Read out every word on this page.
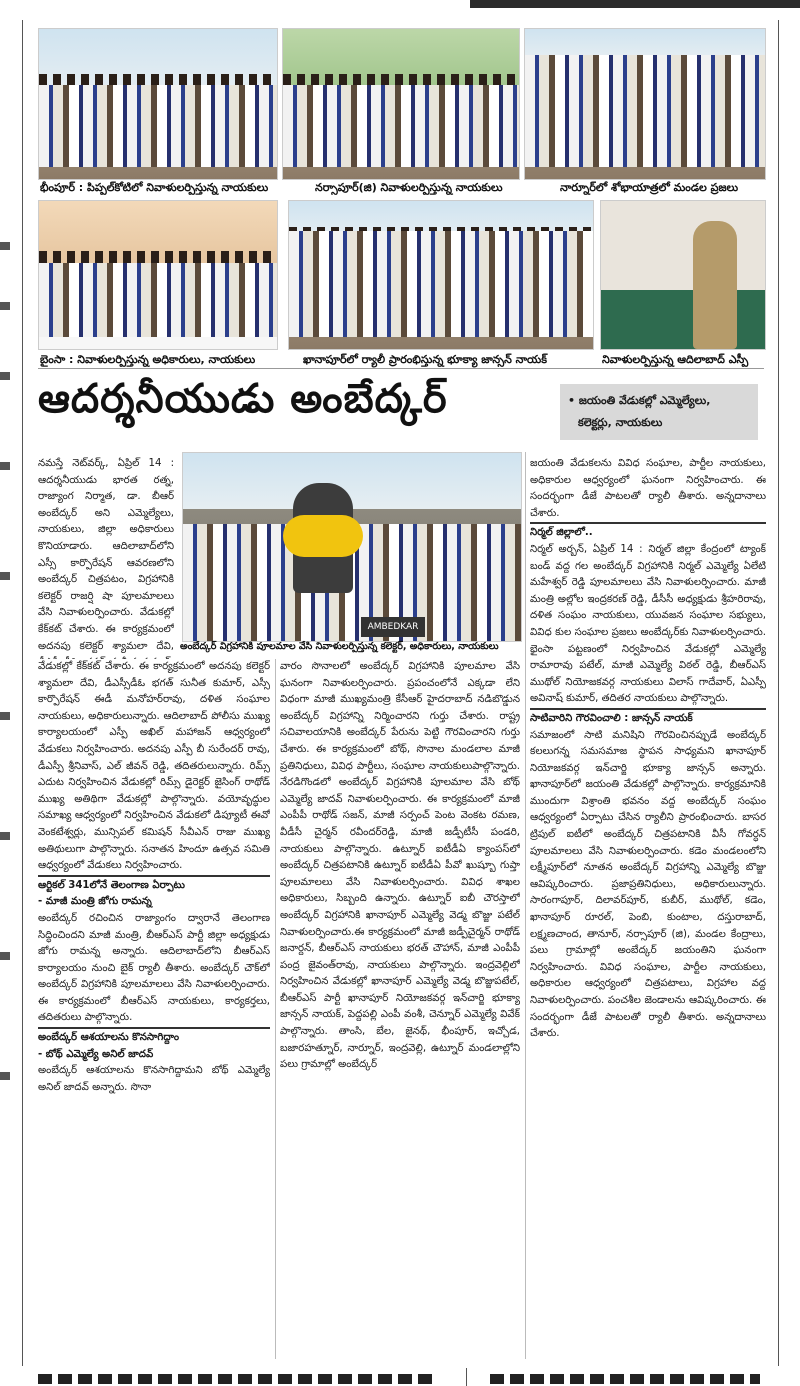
భీంపూర్ : పిప్పల్‌కోటిలో నివాళులర్పిస్తున్న నాయకులు	నర్సాపూర్(జి) నివాళులర్పిస్తున్న నాయకులు	నార్నూర్‌లో శోభాయాత్రలో మండల ప్రజలు
బైంసా : నివాళులర్పిస్తున్న అధికారులు, నాయకులు	ఖానాపూర్‌లో ర్యాలీ ప్రారంభిస్తున్న భూక్యా జాన్సన్ నాయక్	నివాళులర్పిస్తున్న ఆదిలాబాద్ ఎస్పీ
ఆదర్శనీయుడు అంబేద్కర్	• జయంతి వేడుకల్లో ఎమ్మెల్యేలు,
కలెక్టర్లు, నాయకులు
AMBEDKAR
అంబేద్కర్ విగ్రహానికి పూలమాల వేసి నివాళులర్పిస్తున్న కలెక్టర్, అధికారులు, నాయకులు

నమస్తే నెట్‌వర్క్, ఏప్రిల్ 14 : ఆదర్శనీయుడు భారత రత్న, రాజ్యాంగ నిర్మాత, డా. బీఆర్ అంబేద్కర్ అని ఎమ్మెల్యేలు, నాయకులు, జిల్లా అధికారులు కొనియాడారు. ఆదిలాబాద్‌లోని ఎస్సీ కార్పొరేషన్ ఆవరణలోని అంబేద్కర్ చిత్రపటం, విగ్రహానికి కలెక్టర్ రాజర్షి షా పూలమాలలు వేసి నివాళులర్పించారు. వేడుకల్లో కేక్‌కట్ చేశారు. ఈ కార్యక్రమంలో అదనపు కలెక్టర్ శ్యామలా దేవి,

వేడుకల్లో కేక్‌కట్ చేశారు. ఈ కార్యక్రమంలో అదనపు కలెక్టర్ శ్యామలా దేవి, డీఎస్సీడీఓ భగత్ సునీత కుమార్, ఎస్సీ కార్పొరేషన్ ఈడీ మనోహర్‌రావు, దళిత సంఘాల నాయకులు, అధికారులున్నారు. ఆదిలాబాద్ పోలీసు ముఖ్య కార్యాలయంలో ఎస్పీ అఖిల్ మహాజన్ ఆధ్వర్యంలో వేడుకలు నిర్వహించారు. అదనపు ఎస్పీ బీ సురేందర్ రావు, డీఎస్పీ శ్రీనివాస్, ఎల్ జీవన్ రెడ్డి, తదితరులున్నారు. రిమ్స్ ఎదుట నిర్వహించిన వేడుకల్లో రిమ్స్ డైరెక్టర్ జైసింగ్ రాథోడ్ ముఖ్య అతిథిగా వేడుకల్లో పాల్గొన్నారు. వయోవృద్ధుల సమాఖ్య ఆధ్వర్యంలో నిర్వహించిన వేడుకలో డిప్యూటీ ఈవో వెంకటేశ్వర్లు, మున్సిపల్ కమిషన్ సీవీఎన్ రాజు ముఖ్య అతిథులుగా పాల్గొన్నారు. సనాతన హిందూ ఉత్సవ సమితి ఆధ్వర్యంలో వేడుకలు నిర్వహించారు.

ఆర్టికల్ 341లోనే తెలంగాణ ఏర్పాటు

- మాజీ మంత్రి జోగు రామన్న

అంబేద్కర్ రచించిన రాజ్యాంగం ద్వారానే తెలంగాణ సిద్ధించిందని మాజీ మంత్రి, బీఆర్ఎస్ పార్టీ జిల్లా అధ్యక్షుడు జోగు రామన్న అన్నారు. ఆదిలాబాద్‌లోని బీఆర్ఎస్ కార్యాలయం నుంచి బైక్ ర్యాలీ తీశారు. అంబేద్కర్ చౌక్‌లో అంబేద్కర్ విగ్రహానికి పూలమాలలు వేసి నివాళులర్పించారు. ఈ కార్యక్రమంలో బీఆర్ఎస్ నాయకులు, కార్యకర్తలు, తదితరులు పాల్గొన్నారు.

అంబేద్కర్ ఆశయాలను కొనసాగిద్దాం

- బోథ్ ఎమ్మెల్యే అనిల్ జాదవ్

అంబేద్కర్ ఆశయాలను కొనసాగిద్దామని బోథ్ ఎమ్మెల్యే అనిల్ జాదవ్ అన్నారు. సొనా

వారం సొనాలలో అంబేద్కర్ విగ్రహానికి పూలమాల వేసి ఘనంగా నివాళులర్పించారు. ప్రపంచంలోనే ఎక్కడా లేని విధంగా మాజీ ముఖ్యమంత్రి కేసీఆర్ హైదరాబాద్ నడిబొడ్డున అంబేద్కర్ విగ్రహాన్ని నిర్మించారని గుర్తు చేశారు. రాష్ట్ర సచివాలయానికి అంబేద్కర్ పేరును పెట్టి గౌరవించారని గుర్తు చేశారు. ఈ కార్యక్రమంలో బోథ్, సొనాల మండలాల మాజీ ప్రతినిధులు, వివిధ పార్టీలు, సంఘాల నాయకులుపాల్గొన్నారు. నేరడిగొండలో అంబేద్కర్ విగ్రహానికి పూలమాల వేసి బోథ్ ఎమ్మెల్యే జాదవ్ నివాళులర్పించారు. ఈ కార్యక్రమంలో మాజీ ఎంపీపీ రాథోడ్ సజన్, మాజీ సర్పంచ్ పెంట వెంకట రమణ, వీడీసీ చైర్మన్ రవీందర్‌రెడ్డి, మాజీ జడ్పీటీసీ పండరి, నాయకులు పాల్గొన్నారు. ఉట్నూర్ ఐటీడీఏ క్యాంపస్‌లో అంబేద్కర్ చిత్రపటానికి ఉట్నూర్ ఐటీడీఏ పీవో ఖుష్బూ గుప్తా పూలమాలలు వేసి నివాళులర్పించారు. వివిధ శాఖల అధికారులు, సిబ్బంది ఉన్నారు. ఉట్నూర్ ఐబీ చౌరస్తాలో అంబేద్కర్ విగ్రహానికి ఖానాపూర్ ఎమ్మెల్యే వెడ్మ బొజ్జు పటేల్ నివాళులర్పించారు.ఈ కార్యక్రమంలో మాజీ జడ్పీచైర్మన్ రాథోడ్ జనార్దన్, బీఆర్ఎస్ నాయకులు భరత్ చౌహాన్, మాజీ ఎంపీపీ పంద్ర జైవంత్‌రావు, నాయకులు పాల్గొన్నారు. ఇంద్రవెల్లిలో నిర్వహించిన వేడుకల్లో ఖానాపూర్ ఎమ్మెల్యే వెడ్మ బొజ్జుపటేల్, బీఆర్ఎస్ పార్టీ ఖానాపూర్ నియోజకవర్గ ఇన్‌చార్జి భూక్యా జాన్సన్ నాయక్, పెద్దపల్లి ఎంపీ వంశీ, చెన్నూర్ ఎమ్మెల్యే వివేక్ పాల్గొన్నారు. తాంసి, బేల, జైనథ్, భీంపూర్, ఇచ్చోడ, బజారహత్నూర్, నార్నూర్, ఇంద్రవెల్లి, ఉట్నూర్ మండలాల్లోని పలు గ్రామాల్లో అంబేద్కర్

జయంతి వేడుకలను వివిధ సంఘాల, పార్టీల నాయకులు, అధికారుల ఆధ్వర్యంలో ఘనంగా నిర్వహించారు. ఈ సందర్భంగా డీజే పాటలతో ర్యాలీ తీశారు. అన్నదానాలు చేశారు.

నిర్మల్ జిల్లాలో..

నిర్మల్ అర్బన్, ఏప్రిల్ 14 : నిర్మల్ జిల్లా కేంద్రంలో ట్యాంక్ బండ్ వద్ద గల అంబేద్కర్ విగ్రహానికి నిర్మల్ ఎమ్మెల్యే ఏలేటి మహేశ్వర్ రెడ్డి పూలమాలలు వేసి నివాళులర్పించారు. మాజీ మంత్రి అల్లోల ఇంద్రకరణ్ రెడ్డి, డీసీసీ అధ్యక్షుడు శ్రీహరిరావు, దళిత సంఘం నాయకులు, యువజన సంఘాల సభ్యులు, వివిధ కుల సంఘాల ప్రజలు అంబేద్కర్‌కు నివాళులర్పించారు. భైంసా పట్టణంలో నిర్వహించిన వేడుకల్లో ఎమ్మెల్యే రామారావు పటేల్, మాజీ ఎమ్మెల్యే విఠల్ రెడ్డి, బీఆర్ఎస్ ముథోల్ నియోజకవర్గ నాయకులు విలాస్ గాదేవార్, ఏఎస్పీ అవినాష్ కుమార్, తదితర నాయకులు పాల్గొన్నారు.

సాటివారిని గౌరవించాలి : జాన్సన్ నాయక్

సమాజంలో సాటి మనిషిని గౌరవించినప్పుడే అంబేద్కర్ కలలుగన్న సమసమాజ స్థాపన సాధ్యమని ఖానాపూర్ నియోజకవర్గ ఇన్‌చార్జి భూక్యా జాన్సన్ అన్నారు. ఖానాపూర్‌లో జయంతి వేడుకల్లో పాల్గొన్నారు. కార్యక్రమానికి ముందుగా విశ్రాంతి భవనం వద్ద అంబేద్కర్ సంఘం ఆధ్వర్యంలో ఏర్పాటు చేసిన ర్యాలీని ప్రారంభించారు. బాసర ట్రిపుల్ ఐటీలో అంబేద్కర్ చిత్రపటానికి వీసీ గోవర్ధన్ పూలమాలలు వేసి నివాళులర్పించారు. కడెం మండలంలోని లక్ష్మీపూర్‌లో నూతన అంబేద్కర్ విగ్రహాన్ని ఎమ్మెల్యే బొజ్జు ఆవిష్కరించారు. ప్రజాప్రతినిధులు, అధికారులున్నారు. సారంగాపూర్, దిలావర్‌పూర్, కుబీర్, ముథోల్, కడెం, ఖానాపూర్ రూరల్, పెంబి, కుంటాల, దస్తురాబాద్, లక్ష్మణచాంద, తానూర్, నర్సాపూర్ (జి), మండల కేంద్రాలు, పలు గ్రామాల్లో అంబేద్కర్ జయంతిని ఘనంగా నిర్వహించారు. వివిధ సంఘాల, పార్టీల నాయకులు, అధికారుల ఆధ్వర్యంలో చిత్రపటాలు, విగ్రహాల వద్ద నివాళులర్పించారు. పంచశీల జెండాలను ఆవిష్కరించారు. ఈ సందర్భంగా డీజే పాటలతో ర్యాలీ తీశారు. అన్నదానాలు చేశారు.
